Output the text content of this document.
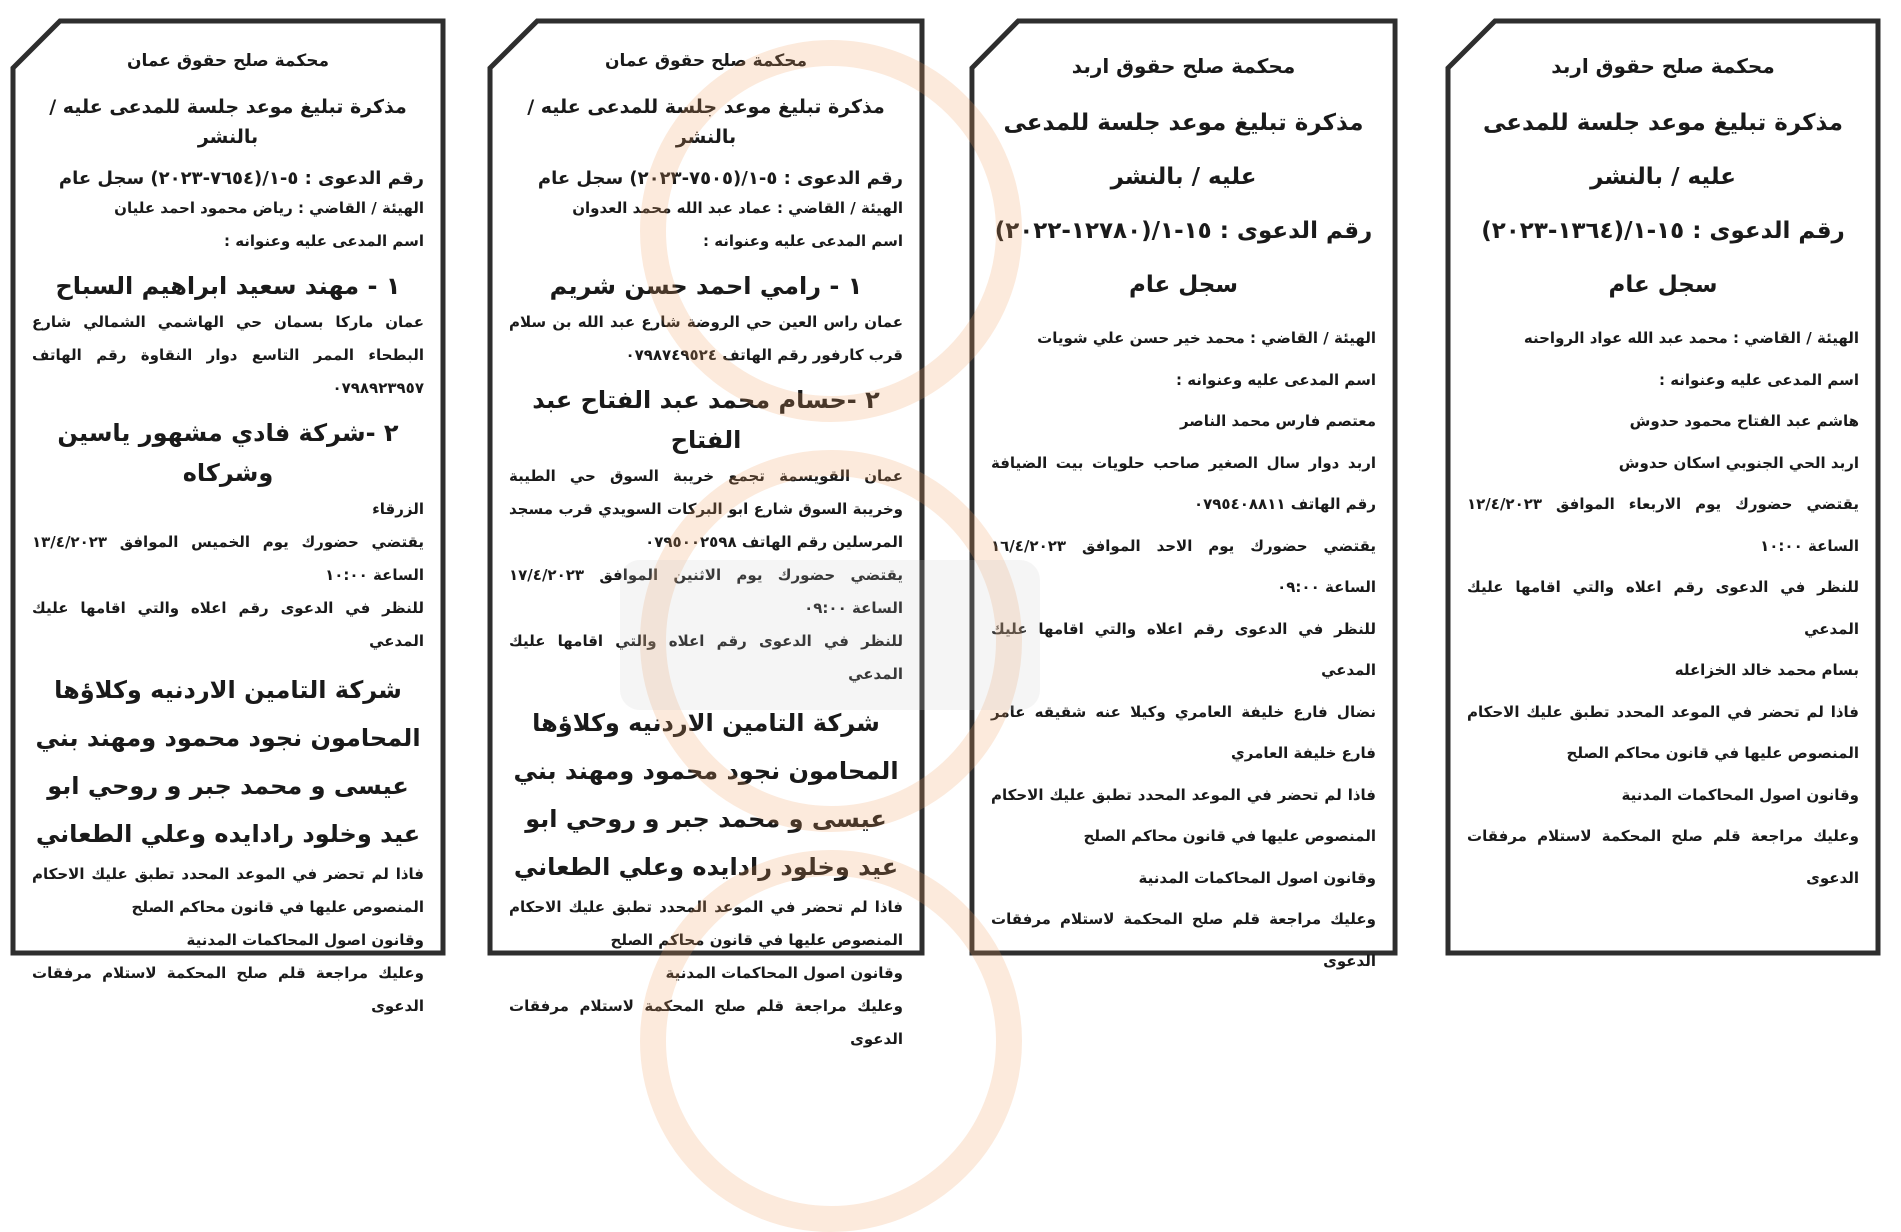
محكمة صلح حقوق عمان

مذكرة تبليغ موعد جلسة للمدعى عليه / بالنشر

رقم الدعوى : ٥-١/(٧٦٥٤-٢٠٢٣) سجل عام

الهيئة / القاضي : رياض محمود احمد عليان

اسم المدعى عليه وعنوانه :

١ - مهند سعيد ابراهيم السباح

عمان ماركا بسمان حي الهاشمي الشمالي شارع البطحاء الممر التاسع دوار النقاوة رقم الهاتف ٠٧٩٨٩٢٣٩٥٧

٢ -شركة فادي مشهور ياسين وشركاه

الزرقاء

يقتضي حضورك يوم الخميس الموافق ١٣/٤/٢٠٢٣ الساعة ١٠:٠٠

للنظر في الدعوى رقم اعلاه والتي اقامها عليك المدعي

شركة التامين الاردنيه وكلاؤها المحامون نجود محمود ومهند بني عيسى و محمد جبر و روحي ابو عيد وخلود رادايده وعلي الطعاني

فاذا لم تحضر في الموعد المحدد تطبق عليك الاحكام المنصوص عليها في قانون محاكم الصلح

وقانون اصول المحاكمات المدنية

وعليك مراجعة قلم صلح المحكمة لاستلام مرفقات الدعوى

محكمة صلح حقوق عمان

مذكرة تبليغ موعد جلسة للمدعى عليه / بالنشر

رقم الدعوى : ٥-١/(٧٥٠٥-٢٠٢٣) سجل عام

الهيئة / القاضي : عماد عبد الله محمد العدوان

اسم المدعى عليه وعنوانه :

١ - رامي احمد حسن شريم

عمان راس العين حي الروضة شارع عبد الله بن سلام قرب كارفور رقم الهاتف ٠٧٩٨٧٤٩٥٢٤

٢ -حسام محمد عبد الفتاح عبد الفتاح

عمان القويسمة تجمع خريبة السوق حي الطيبة وخريبة السوق شارع ابو البركات السويدي قرب مسجد المرسلين رقم الهاتف ٠٧٩٥٠٠٢٥٩٨

يقتضي حضورك يوم الاثنين الموافق ١٧/٤/٢٠٢٣ الساعة ٠٩:٠٠

للنظر في الدعوى رقم اعلاه والتي اقامها عليك المدعي

شركة التامين الاردنيه وكلاؤها المحامون نجود محمود ومهند بني عيسى و محمد جبر و روحي ابو عيد وخلود رادايده وعلي الطعاني

فاذا لم تحضر في الموعد المحدد تطبق عليك الاحكام المنصوص عليها في قانون محاكم الصلح

وقانون اصول المحاكمات المدنية

وعليك مراجعة قلم صلح المحكمة لاستلام مرفقات الدعوى

محكمة صلح حقوق اربد

مذكرة تبليغ موعد جلسة للمدعى عليه / بالنشر

رقم الدعوى : ١٥-١/(١٢٧٨٠-٢٠٢٢) سجل عام

الهيئة / القاضي : محمد خير حسن علي شويات

اسم المدعى عليه وعنوانه :

معتصم فارس محمد الناصر

اربد دوار سال الصغير صاحب حلويات بيت الضيافة رقم الهاتف ٠٧٩٥٤٠٨٨١١

يقتضي حضورك يوم الاحد الموافق ١٦/٤/٢٠٢٣ الساعة ٠٩:٠٠

للنظر في الدعوى رقم اعلاه والتي اقامها عليك المدعي

نضال فارع خليفة العامري وكيلا عنه شقيقه عامر فارع خليفة العامري

فاذا لم تحضر في الموعد المحدد تطبق عليك الاحكام المنصوص عليها في قانون محاكم الصلح

وقانون اصول المحاكمات المدنية

وعليك مراجعة قلم صلح المحكمة لاستلام مرفقات الدعوى

محكمة صلح حقوق اربد

مذكرة تبليغ موعد جلسة للمدعى عليه / بالنشر

رقم الدعوى : ١٥-١/(١٣٦٤-٢٠٢٣) سجل عام

الهيئة / القاضي : محمد عبد الله عواد الرواحنه

اسم المدعى عليه وعنوانه :

هاشم عبد الفتاح محمود حدوش

اربد الحي الجنوبي اسكان حدوش

يقتضي حضورك يوم الاربعاء الموافق ١٢/٤/٢٠٢٣ الساعة ١٠:٠٠

للنظر في الدعوى رقم اعلاه والتي اقامها عليك المدعي

بسام محمد خالد الخزاعله

فاذا لم تحضر في الموعد المحدد تطبق عليك الاحكام المنصوص عليها في قانون محاكم الصلح

وقانون اصول المحاكمات المدنية

وعليك مراجعة قلم صلح المحكمة لاستلام مرفقات الدعوى
